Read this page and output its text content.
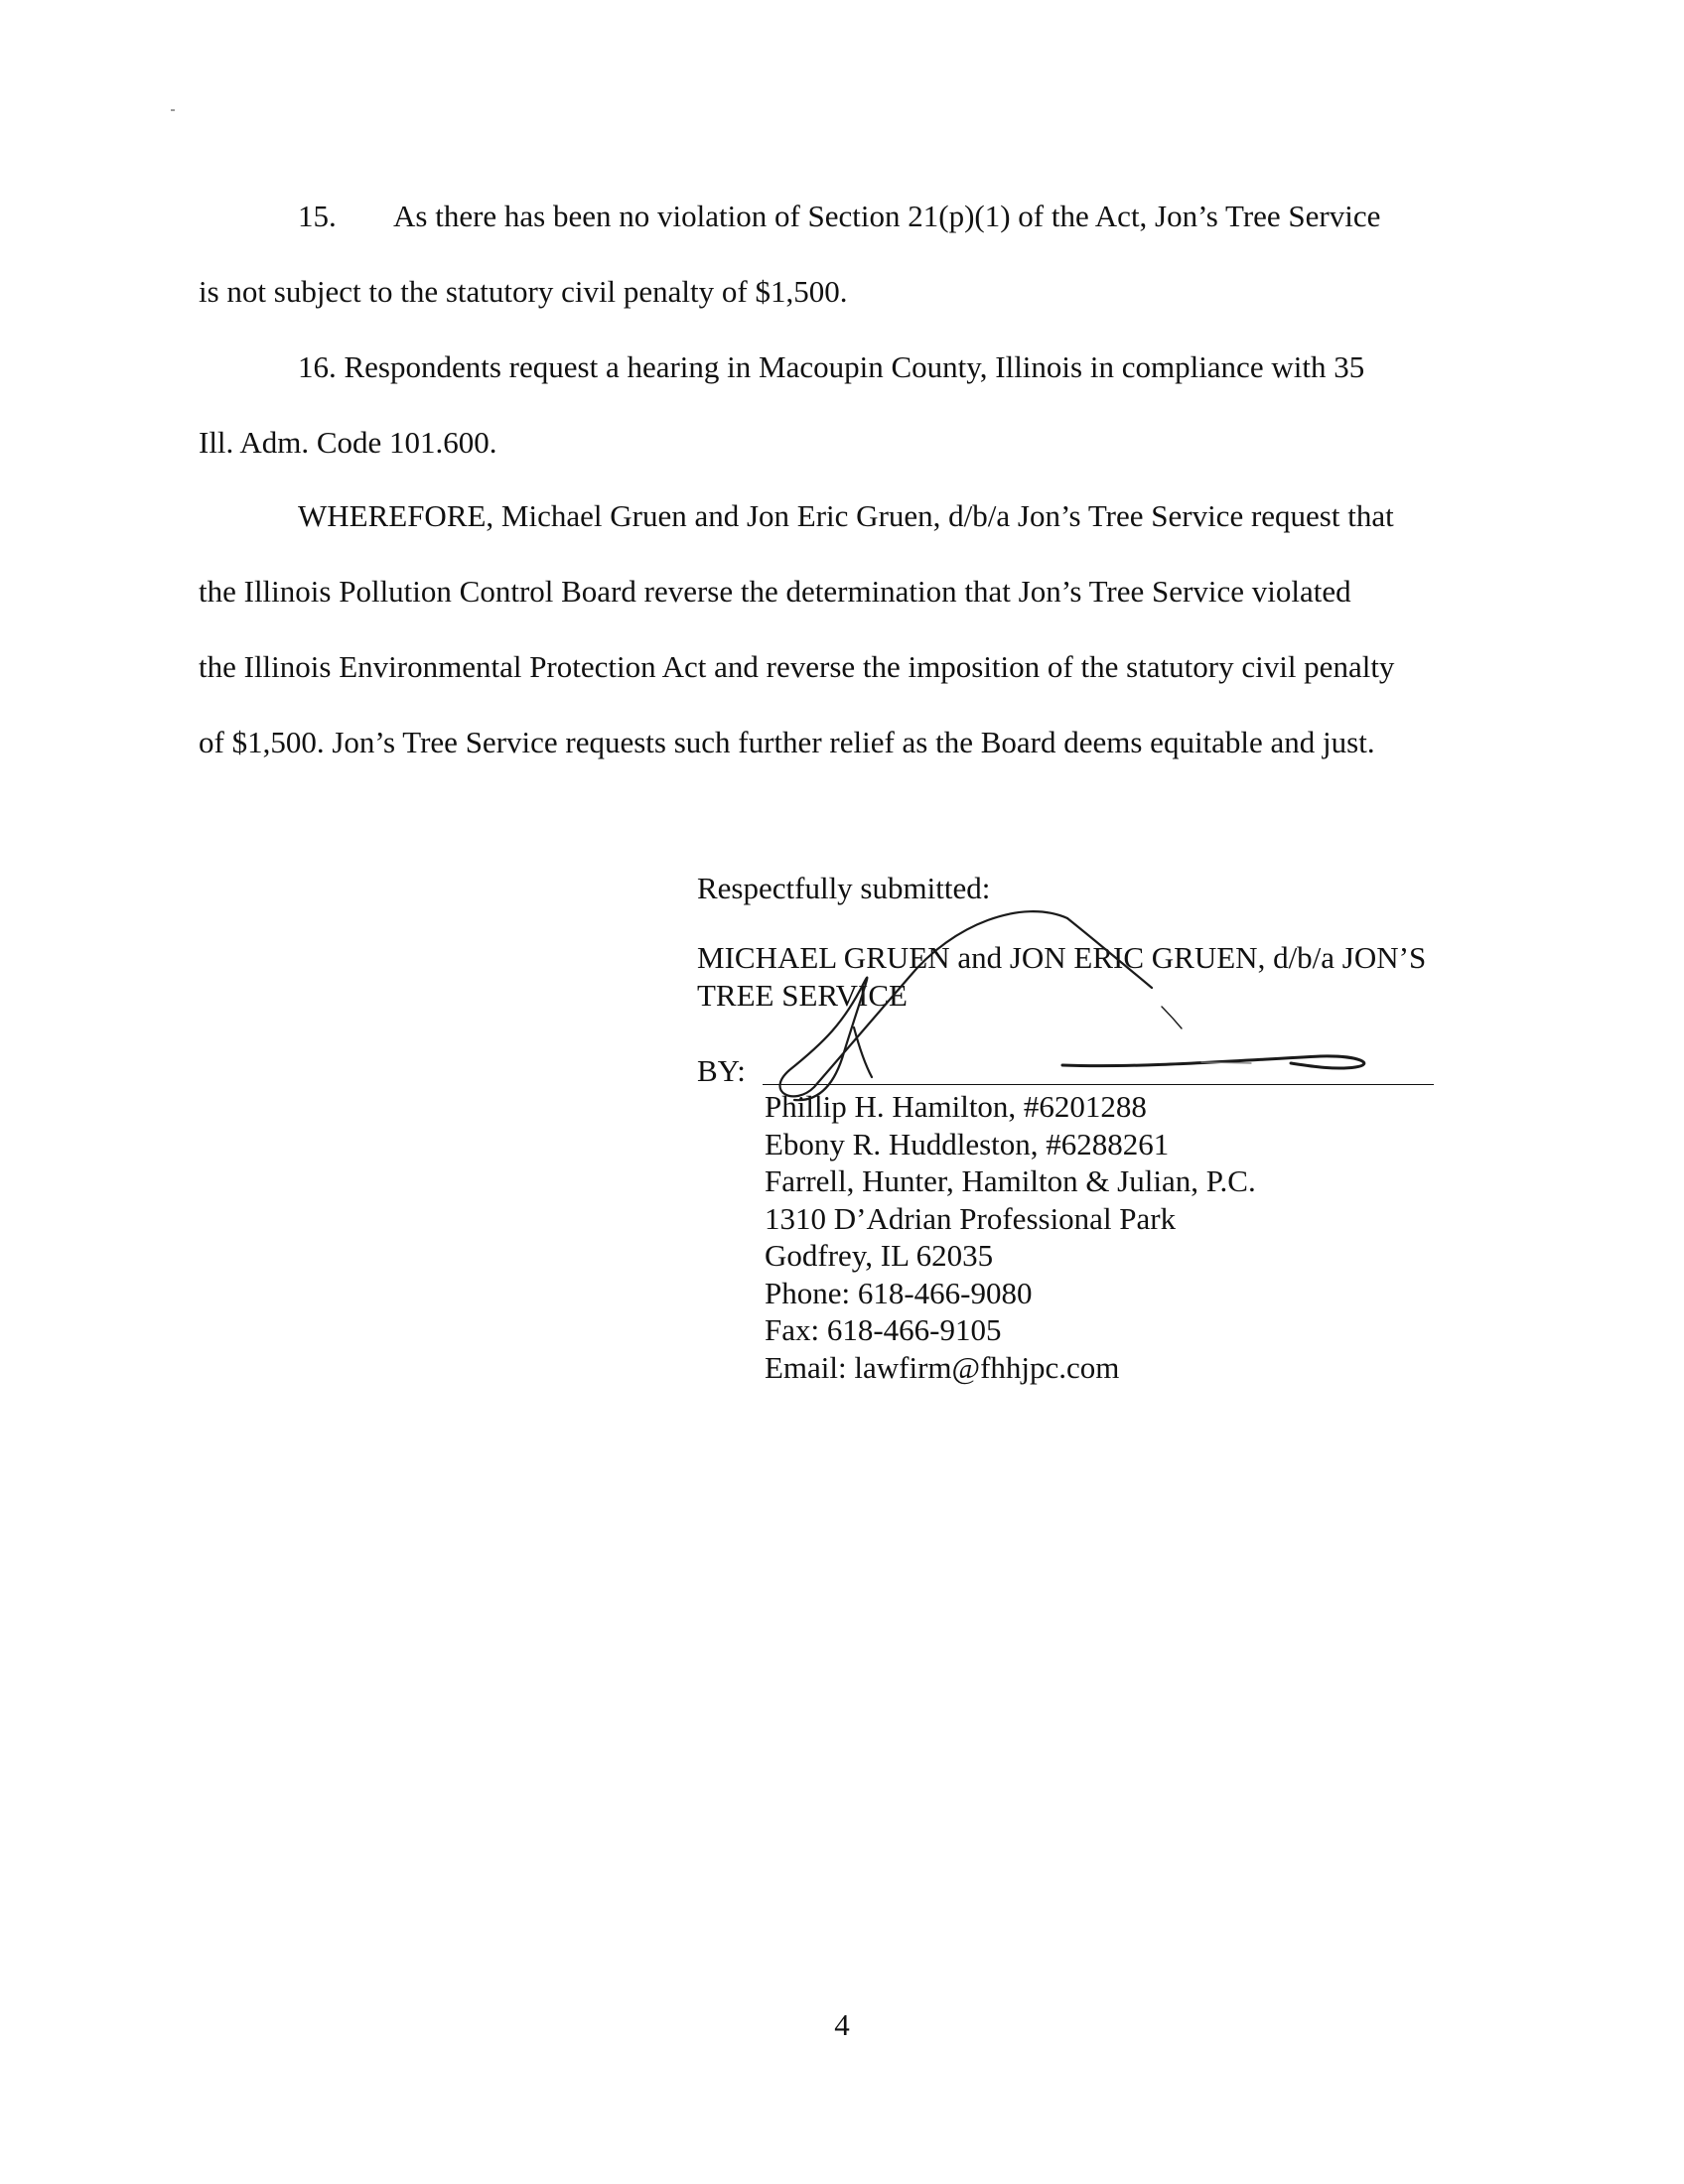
15. As there has been no violation of Section 21(p)(1) of the Act, Jon’s Tree Service
is not subject to the statutory civil penalty of $1,500.
16. Respondents request a hearing in Macoupin County, Illinois in compliance with 35
Ill. Adm. Code 101.600.
WHEREFORE, Michael Gruen and Jon Eric Gruen, d/b/a Jon’s Tree Service request that
the Illinois Pollution Control Board reverse the determination that Jon’s Tree Service violated
the Illinois Environmental Protection Act and reverse the imposition of the statutory civil penalty
of $1,500. Jon’s Tree Service requests such further relief as the Board deems equitable and just.
Respectfully submitted:
MICHAEL GRUEN and JON ERIC GRUEN, d/b/a JON’S
TREE SERVICE
BY:
Phillip H. Hamilton, #6201288
Ebony R. Huddleston, #6288261
Farrell, Hunter, Hamilton & Julian, P.C.
1310 D’Adrian Professional Park
Godfrey, IL 62035
Phone: 618-466-9080
Fax: 618-466-9105
Email: lawfirm@fhhjpc.com
4
